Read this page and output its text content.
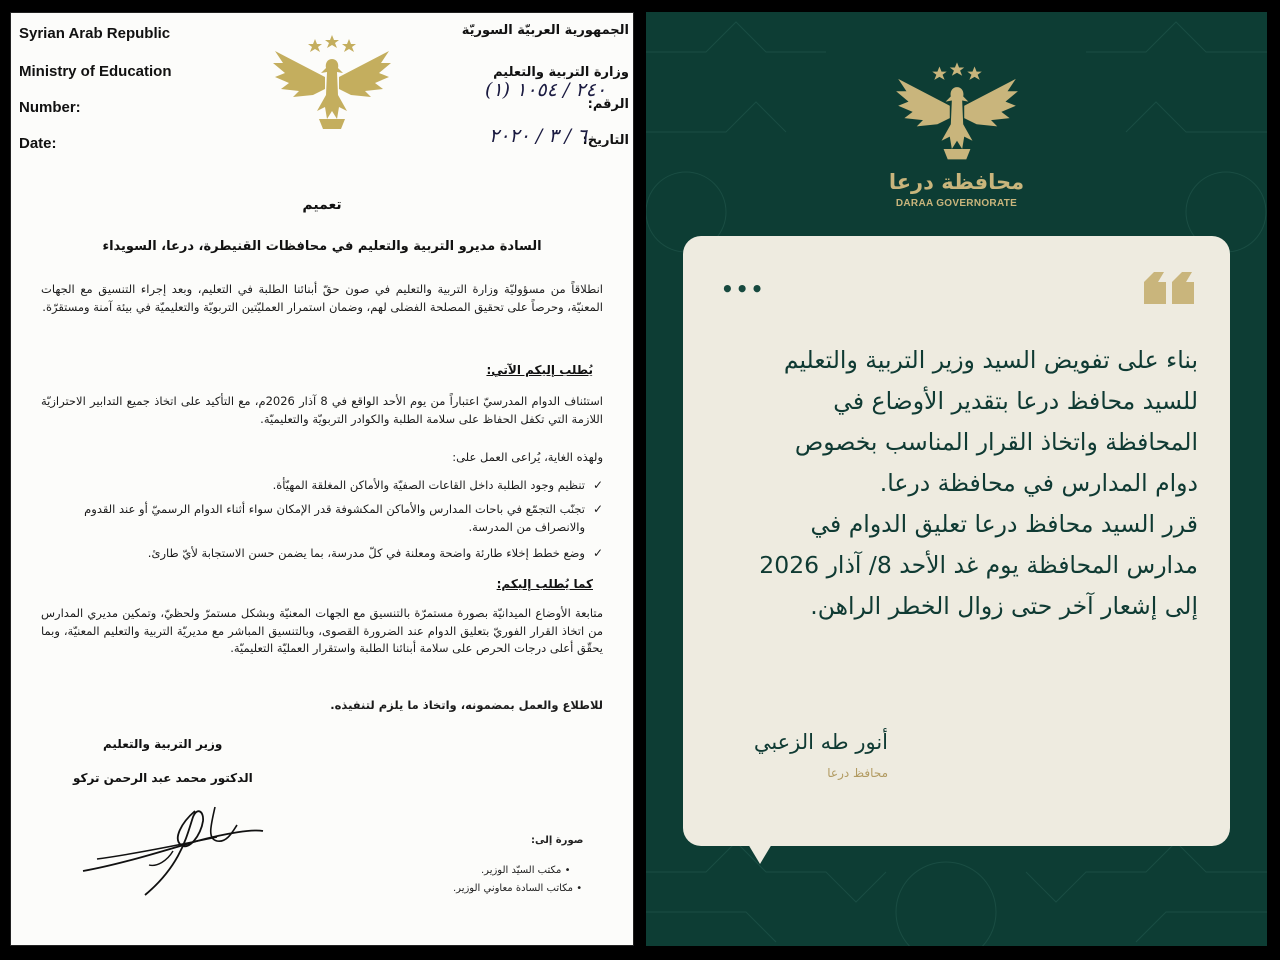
Syrian Arab Republic
Ministry of Education
Number:
Date:
الجمهورية العربيّة السوريّة
وزارة التربية والتعليم
الرقم:
التاريخ:
٢٤٠ / ١٠٥٤ (١)
٦ / ٣ / ٢٠٢٠
تعميم
السادة مديرو التربية والتعليم في محافظات القنيطرة، درعا، السويداء
انطلاقاً من مسؤوليّة وزارة التربية والتعليم في صون حقّ أبنائنا الطلبة في التعليم، وبعد إجراء التنسيق مع الجهات المعنيّة، وحرصاً على تحقيق المصلحة الفضلى لهم، وضمان استمرار العمليّتين التربويّة والتعليميّة في بيئة آمنة ومستقرّة.
يُطلب إليكم الآتي:
استئناف الدوام المدرسيّ اعتباراً من يوم الأحد الواقع في 8 آذار 2026م، مع التأكيد على اتخاذ جميع التدابير الاحترازيّة اللازمة التي تكفل الحفاظ على سلامة الطلبة والكوادر التربويّة والتعليميّة.
ولهذه الغاية، يُراعى العمل على:
✓
تنظيم وجود الطلبة داخل القاعات الصفيّة والأماكن المغلقة المهيّأة.
✓
تجنّب التجمّع في باحات المدارس والأماكن المكشوفة قدر الإمكان سواء أثناء الدوام الرسميّ أو عند القدوم والانصراف من المدرسة.
✓
وضع خطط إخلاء طارئة واضحة ومعلنة في كلّ مدرسة، بما يضمن حسن الاستجابة لأيّ طارئ.
كما يُطلب إليكم:
متابعة الأوضاع الميدانيّة بصورة مستمرّة بالتنسيق مع الجهات المعنيّة وبشكل مستمرّ ولحظيّ، وتمكين مديري المدارس من اتخاذ القرار الفوريّ بتعليق الدوام عند الضرورة القصوى، وبالتنسيق المباشر مع مديريّة التربية والتعليم المعنيّة، وبما يحقّق أعلى درجات الحرص على سلامة أبنائنا الطلبة واستقرار العمليّة التعليميّة.
للاطلاع والعمل بمضمونه، واتخاذ ما يلزم لتنفيذه.
وزير التربية والتعليم
الدكتور محمد عبد الرحمن تركو
صورة إلى:
• مكتب السيّد الوزير.
• مكاتب السادة معاوني الوزير.
محافظة درعا
DARAA GOVERNORATE
•••
بناء على تفويض السيد وزير التربية والتعليم
للسيد محافظ درعا بتقدير الأوضاع في
المحافظة واتخاذ القرار المناسب بخصوص
دوام المدارس في محافظة درعا.
قرر السيد محافظ درعا تعليق الدوام في
مدارس المحافظة يوم غد الأحد 8/ آذار 2026
إلى إشعار آخر حتى زوال الخطر الراهن.
أنور طه الزعبي
محافظ درعا
